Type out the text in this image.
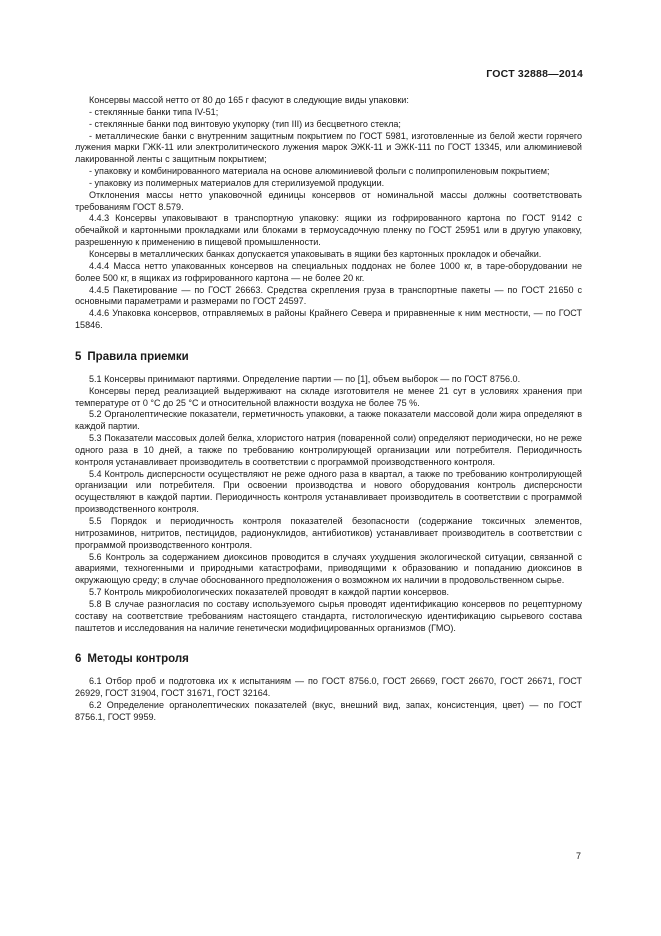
ГОСТ 32888—2014

Консервы массой нетто от 80 до 165 г фасуют в следующие виды упаковки:

- стеклянные банки типа IV-51;

- стеклянные банки под винтовую укупорку (тип III) из бесцветного стекла;

- металлические банки с внутренним защитным покрытием по ГОСТ 5981, изготовленные из белой жести горячего лужения марки ГЖК-11 или электролитического лужения марок ЭЖК-11 и ЭЖК-111 по ГОСТ 13345, или алюминиевой лакированной ленты с защитным покрытием;

- упаковку и комбинированного материала на основе алюминиевой фольги с полипропиленовым покрытием;

- упаковку из полимерных материалов для стерилизуемой продукции.

Отклонения массы нетто упаковочной единицы консервов от номинальной массы должны соответствовать требованиям ГОСТ 8.579.

4.4.3 Консервы упаковывают в транспортную упаковку: ящики из гофрированного картона по ГОСТ 9142 с обечайкой и картонными прокладками или блоками в термоусадочную пленку по ГОСТ 25951 или в другую упаковку, разрешенную к применению в пищевой промышленности.

Консервы в металлических банках допускается упаковывать в ящики без картонных прокладок и обечайки.

4.4.4 Масса нетто упакованных консервов на специальных поддонах не более 1000 кг, в таре-оборудовании не более 500 кг, в ящиках из гофрированного картона — не более 20 кг.

4.4.5 Пакетирование — по ГОСТ 26663. Средства скрепления груза в транспортные пакеты — по ГОСТ 21650 с основными параметрами и размерами по ГОСТ 24597.

4.4.6 Упаковка консервов, отправляемых в районы Крайнего Севера и приравненные к ним местности, — по ГОСТ 15846.

5 Правила приемки

5.1 Консервы принимают партиями. Определение партии — по [1], объем выборок — по ГОСТ 8756.0.

Консервы перед реализацией выдерживают на складе изготовителя не менее 21 сут в условиях хранения при температуре от 0 °С до 25 °С и относительной влажности воздуха не более 75 %.

5.2 Органолептические показатели, герметичность упаковки, а также показатели массовой доли жира определяют в каждой партии.

5.3 Показатели массовых долей белка, хлористого натрия (поваренной соли) определяют периодически, но не реже одного раза в 10 дней, а также по требованию контролирующей организации или потребителя. Периодичность контроля устанавливает производитель в соответствии с программой производственного контроля.

5.4 Контроль дисперсности осуществляют не реже одного раза в квартал, а также по требованию контролирующей организации или потребителя. При освоении производства и нового оборудования контроль дисперсности осуществляют в каждой партии. Периодичность контроля устанавливает производитель в соответствии с программой производственного контроля.

5.5 Порядок и периодичность контроля показателей безопасности (содержание токсичных элементов, нитрозаминов, нитритов, пестицидов, радионуклидов, антибиотиков) устанавливает производитель в соответствии с программой производственного контроля.

5.6 Контроль за содержанием диоксинов проводится в случаях ухудшения экологической ситуации, связанной с авариями, техногенными и природными катастрофами, приводящими к образованию и попаданию диоксинов в окружающую среду; в случае обоснованного предположения о возможном их наличии в продовольственном сырье.

5.7 Контроль микробиологических показателей проводят в каждой партии консервов.

5.8 В случае разногласия по составу используемого сырья проводят идентификацию консервов по рецептурному составу на соответствие требованиям настоящего стандарта, гистологическую идентификацию сырьевого состава паштетов и исследования на наличие генетически модифицированных организмов (ГМО).

6 Методы контроля

6.1 Отбор проб и подготовка их к испытаниям — по ГОСТ 8756.0, ГОСТ 26669, ГОСТ 26670, ГОСТ 26671, ГОСТ 26929, ГОСТ 31904, ГОСТ 31671, ГОСТ 32164.

6.2 Определение органолептических показателей (вкус, внешний вид, запах, консистенция, цвет) — по ГОСТ 8756.1, ГОСТ 9959.

7
